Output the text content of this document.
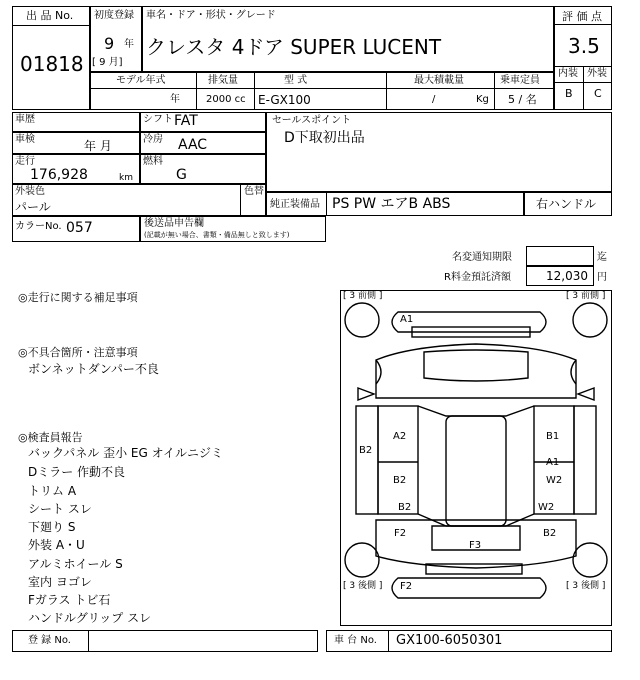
出 品 No.
01818
初度登録
9 年
[ 9 月]
車名・ドア・形状・グレード
クレスタ 4ドア SUPER LUCENT
評 価 点
3.5
内装 外装
B C
モデル年式	排気量	型 式	最大積載量	乗車定員
年	2000 cc E-GX100	/	Kg 5 / 名
車歴
車検	年 月
走行
176,928	km
シフト FAT
冷房 AAC
燃料
G
セールスポイント
D下取初出品
外装色
パール
色替
純正装備品 PS PW エアB ABS	右ハンドル
カラーNo. 057	後送品申告欄
(記載が無い場合、書類・備品無しと致します)
名変通知期限	迄
R料金預託済額	12,030 円
◎走行に関する補足事項
◎不具合箇所・注意事項
ボンネットダンパー不良
◎検査員報告
バックパネル 歪小 EG オイルニジミ
Dミラー 作動不良
トリム A
シート スレ
下廻り S
外装 A・U
アルミホイール S
室内 ヨゴレ
Fガラス トビ石
ハンドルグリップ スレ
[ 3 前側 ]	[ 3 前側 ]
[ 3 後側 ]	[ 3 後側 ]
A1
A2	B1
B2
A1
W2
B2
B2	W2
F2	B2
F3
F2
登 録 No.	車 台 No. GX100-6050301
